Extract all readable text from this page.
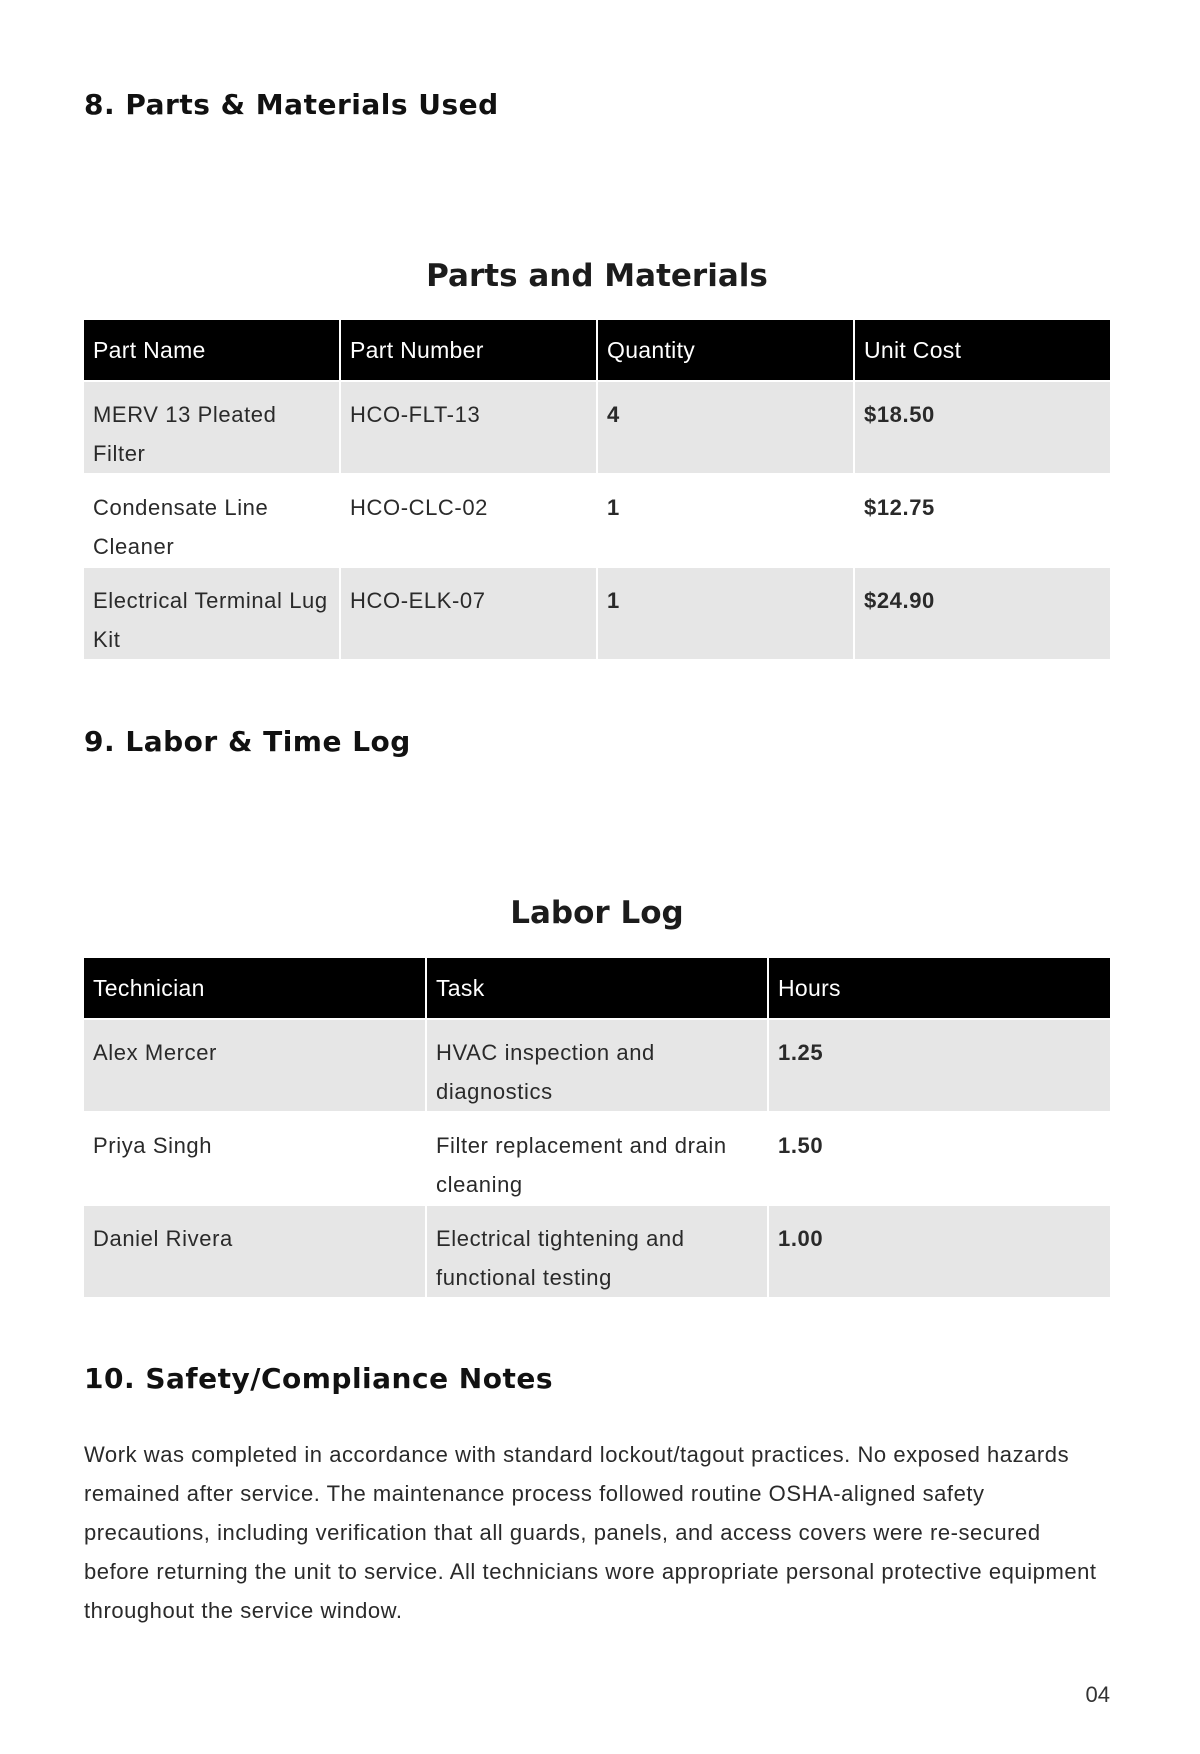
8. Parts & Materials Used
Parts and Materials
Part Name	Part Number	Quantity	Unit Cost
MERV 13 Pleated Filter	HCO-FLT-13	4	$18.50
Condensate Line Cleaner	HCO-CLC-02	1	$12.75
Electrical Terminal Lug Kit	HCO-ELK-07	1	$24.90
9. Labor & Time Log
Labor Log
Technician	Task	Hours
Alex Mercer	HVAC inspection and diagnostics	1.25
Priya Singh	Filter replacement and drain cleaning	1.50
Daniel Rivera	Electrical tightening and functional testing	1.00
10. Safety/Compliance Notes

Work was completed in accordance with standard lockout/tagout practices. No exposed hazards remained after service. The maintenance process followed routine OSHA-aligned safety precautions, including verification that all guards, panels, and access covers were re-secured before returning the unit to service. All technicians wore appropriate personal protective equipment throughout the service window.

04
